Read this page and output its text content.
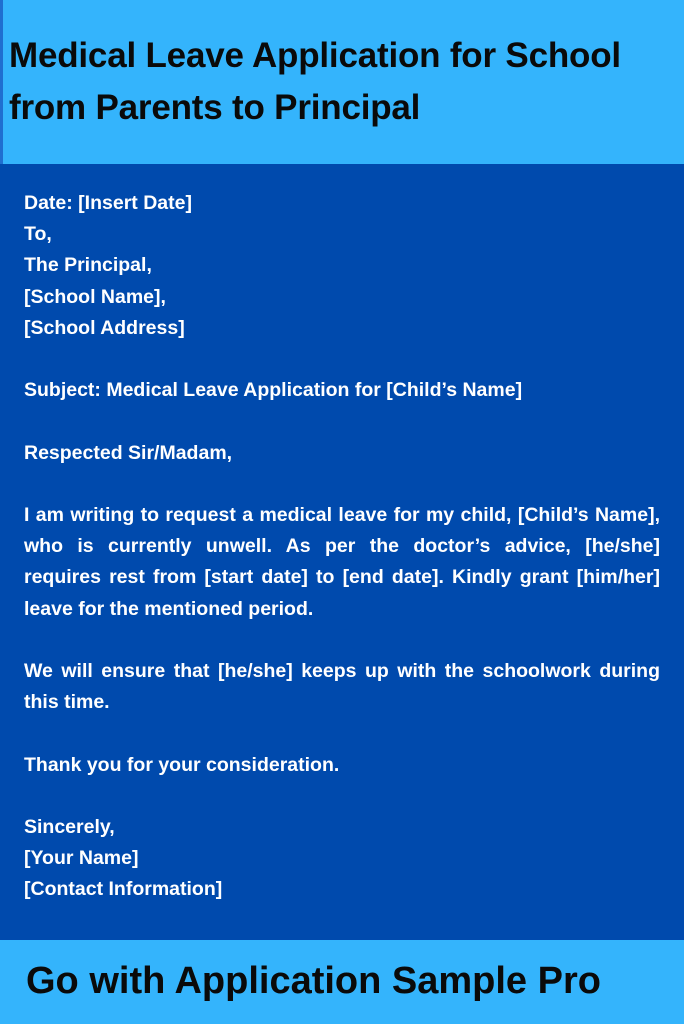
Medical Leave Application for School
from Parents to Principal
Date: [Insert Date]
To,
The Principal,
[School Name],
[School Address]
Subject: Medical Leave Application for [Child’s Name]
Respected Sir/Madam,

I am writing to request a medical leave for my child, [Child’s Name], who is currently unwell. As per the doctor’s advice, [he/she] requires rest from [start date] to [end date]. Kindly grant [him/her] leave for the mentioned period.

We will ensure that [he/she] keeps up with the schoolwork during this time.

Thank you for your consideration.
Sincerely,
[Your Name]
[Contact Information]
Go with Application Sample Pro
